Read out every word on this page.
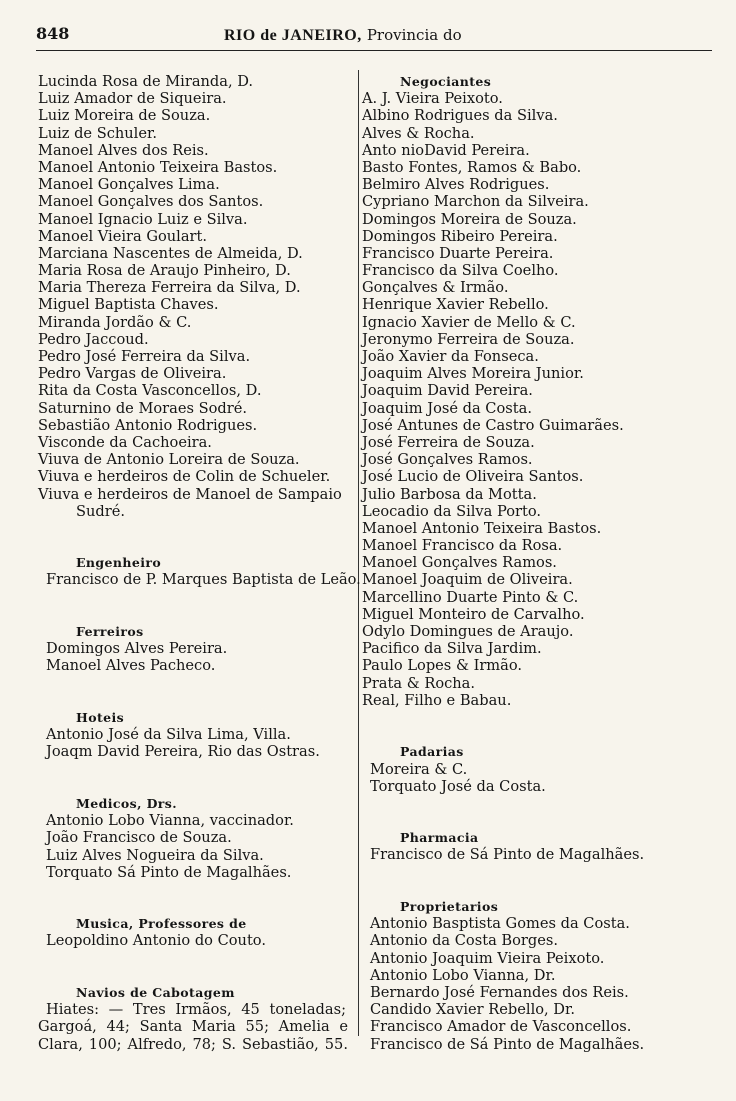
848	RIO de JANEIRO, Provincia do
Lucinda Rosa de Miranda, D.
Luiz Amador de Siqueira.
Luiz Moreira de Souza.
Luiz de Schuler.
Manoel Alves dos Reis.
Manoel Antonio Teixeira Bastos.
Manoel Gonçalves Lima.
Manoel Gonçalves dos Santos.
Manoel Ignacio Luiz e Silva.
Manoel Vieira Goulart.
Marciana Nascentes de Almeida, D.
Maria Rosa de Araujo Pinheiro, D.
Maria Thereza Ferreira da Silva, D.
Miguel Baptista Chaves.
Miranda Jordão & C.
Pedro Jaccoud.
Pedro José Ferreira da Silva.
Pedro Vargas de Oliveira.
Rita da Costa Vasconcellos, D.
Saturnino de Moraes Sodré.
Sebastião Antonio Rodrigues.
Visconde da Cachoeira.
Viuva de Antonio Loreira de Souza.
Viuva e herdeiros de Colin de Schueler.
Viuva e herdeiros de Manoel de Sampaio
Sudré.
Engenheiro
Francisco de P. Marques Baptista de Leão.
Ferreiros
Domingos Alves Pereira.
Manoel Alves Pacheco.
Hoteis
Antonio José da Silva Lima, Villa.
Joaqm David Pereira, Rio das Ostras.
Medicos, Drs.
Antonio Lobo Vianna, vaccinador.
João Francisco de Souza.
Luiz Alves Nogueira da Silva.
Torquato Sá Pinto de Magalhães.
Musica, Professores de
Leopoldino Antonio do Couto.
Navios de Cabotagem
Hiates: — Tres Irmãos, 45 toneladas;
Gargoá, 44; Santa Maria 55; Amelia e
Clara, 100; Alfredo, 78; S. Sebastião, 55.
Negociantes
A. J. Vieira Peixoto.
Albino Rodrigues da Silva.
Alves & Rocha.
Anto nioDavid Pereira.
Basto Fontes, Ramos & Babo.
Belmiro Alves Rodrigues.
Cypriano Marchon da Silveira.
Domingos Moreira de Souza.
Domingos Ribeiro Pereira.
Francisco Duarte Pereira.
Francisco da Silva Coelho.
Gonçalves & Irmão.
Henrique Xavier Rebello.
Ignacio Xavier de Mello & C.
Jeronymo Ferreira de Souza.
João Xavier da Fonseca.
Joaquim Alves Moreira Junior.
Joaquim David Pereira.
Joaquim José da Costa.
José Antunes de Castro Guimarães.
José Ferreira de Souza.
José Gonçalves Ramos.
José Lucio de Oliveira Santos.
Julio Barbosa da Motta.
Leocadio da Silva Porto.
Manoel Antonio Teixeira Bastos.
Manoel Francisco da Rosa.
Manoel Gonçalves Ramos.
Manoel Joaquim de Oliveira.
Marcellino Duarte Pinto & C.
Miguel Monteiro de Carvalho.
Odylo Domingues de Araujo.
Pacifico da Silva Jardim.
Paulo Lopes & Irmão.
Prata & Rocha.
Real, Filho e Babau.
Padarias
Moreira & C.
Torquato José da Costa.
Pharmacia
Francisco de Sá Pinto de Magalhães.
Proprietarios
Antonio Basptista Gomes da Costa.
Antonio da Costa Borges.
Antonio Joaquim Vieira Peixoto.
Antonio Lobo Vianna, Dr.
Bernardo José Fernandes dos Reis.
Candido Xavier Rebello, Dr.
Francisco Amador de Vasconcellos.
Francisco de Sá Pinto de Magalhães.
